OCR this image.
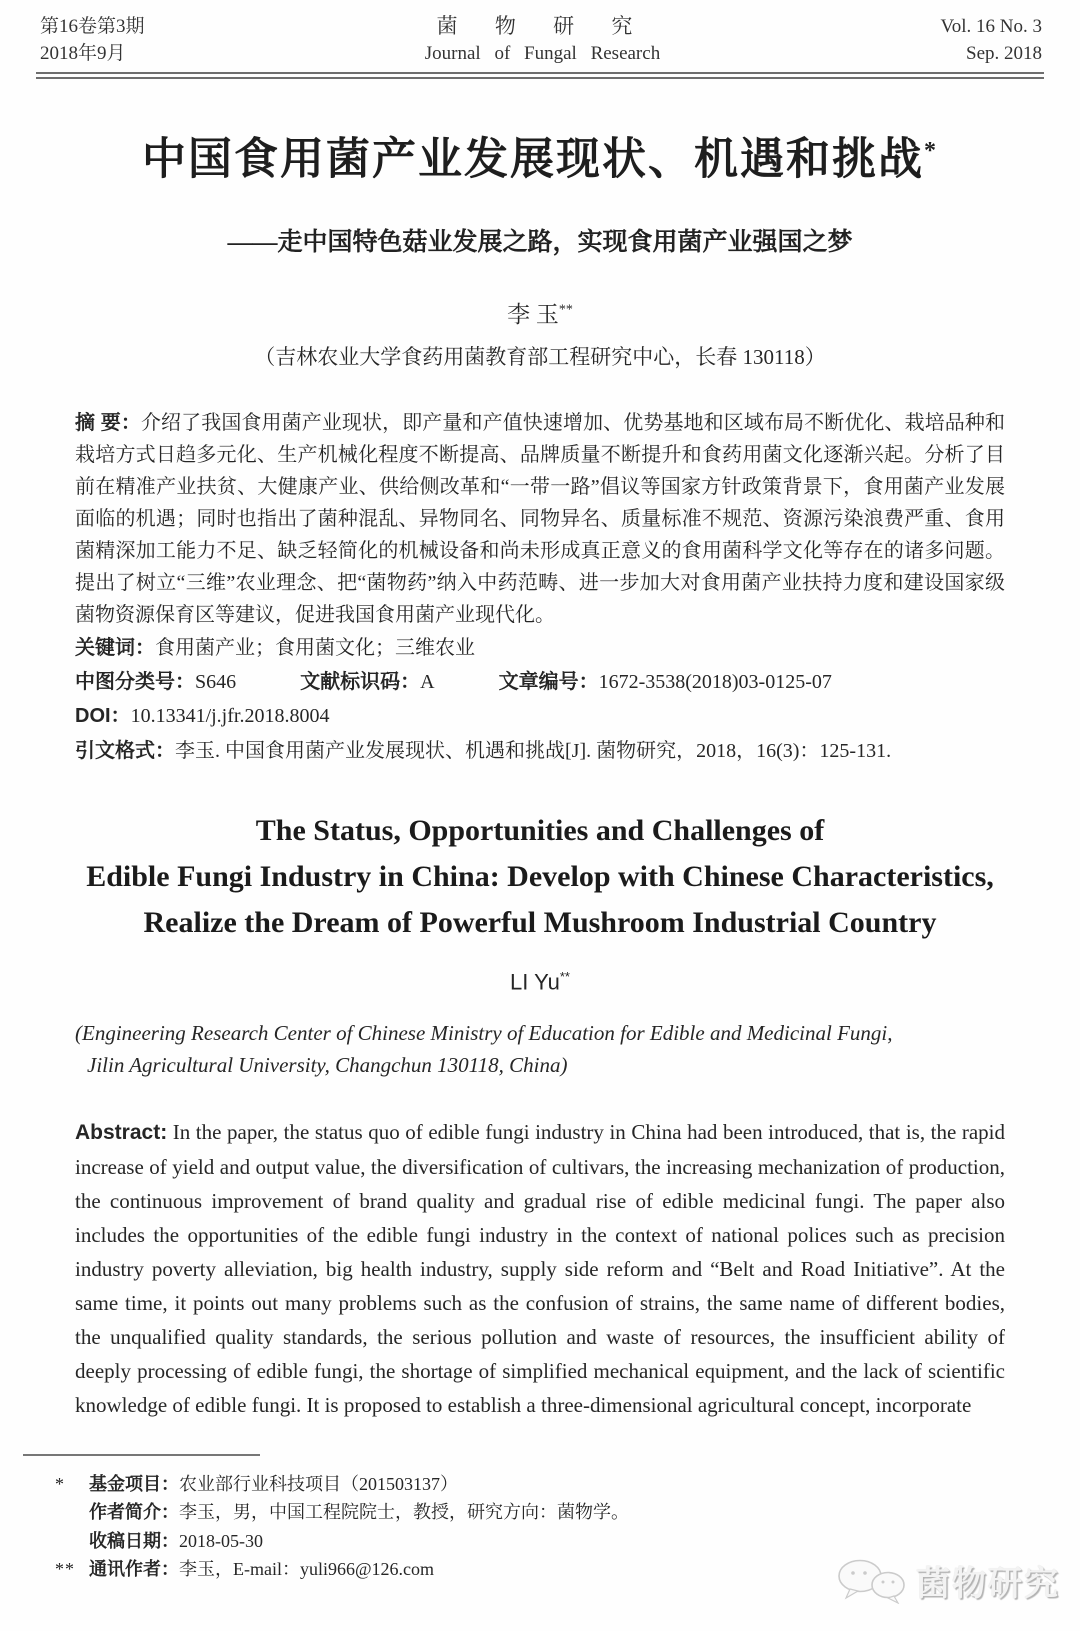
第16卷第3期
2018年9月
菌 物 研 究
Journal of Fungal Research
Vol. 16 No. 3
Sep. 2018
中国食用菌产业发展现状、机遇和挑战*
——走中国特色菇业发展之路，实现食用菌产业强国之梦
李 玉**
（吉林农业大学食药用菌教育部工程研究中心，长春 130118）

摘 要：介绍了我国食用菌产业现状，即产量和产值快速增加、优势基地和区域布局不断优化、栽培品种和栽培方式日趋多元化、生产机械化程度不断提高、品牌质量不断提升和食药用菌文化逐渐兴起。分析了目前在精准产业扶贫、大健康产业、供给侧改革和“一带一路”倡议等国家方针政策背景下，食用菌产业发展面临的机遇；同时也指出了菌种混乱、异物同名、同物异名、质量标准不规范、资源污染浪费严重、食用菌精深加工能力不足、缺乏轻简化的机械设备和尚未形成真正意义的食用菌科学文化等存在的诸多问题。提出了树立“三维”农业理念、把“菌物药”纳入中药范畴、进一步加大对食用菌产业扶持力度和建设国家级菌物资源保育区等建议，促进我国食用菌产业现代化。

关键词：食用菌产业；食用菌文化；三维农业

中图分类号：S646	文献标识码：A	文章编号：1672-3538(2018)03-0125-07

DOI：10.13341/j.jfr.2018.8004

引文格式：李玉. 中国食用菌产业发展现状、机遇和挑战[J]. 菌物研究，2018，16(3)：125-131.

The Status, Opportunities and Challenges of
Edible Fungi Industry in China: Develop with Chinese Characteristics,
Realize the Dream of Powerful Mushroom Industrial Country
LI Yu**
(Engineering Research Center of Chinese Ministry of Education for Edible and Medicinal Fungi,
Jilin Agricultural University, Changchun 130118, China)

Abstract: In the paper, the status quo of edible fungi industry in China had been introduced, that is, the rapid increase of yield and output value, the diversification of cultivars, the increasing mechanization of production, the continuous improvement of brand quality and gradual rise of edible medicinal fungi. The paper also includes the opportunities of the edible fungi industry in the context of national polices such as precision industry poverty alleviation, big health industry, supply side reform and “Belt and Road Initiative”. At the same time, it points out many problems such as the confusion of strains, the same name of different bodies, the unqualified quality standards, the serious pollution and waste of resources, the insufficient ability of deeply processing of edible fungi, the shortage of simplified mechanical equipment, and the lack of scientific knowledge of edible fungi. It is proposed to establish a three-dimensional agricultural concept, incorporate

*	基金项目：农业部行业科技项目（201503137）
作者简介：李玉，男，中国工程院院士，教授，研究方向：菌物学。
收稿日期：2018-05-30
** 通讯作者：李玉，E-mail：yuli966@126.com	菌物研究
